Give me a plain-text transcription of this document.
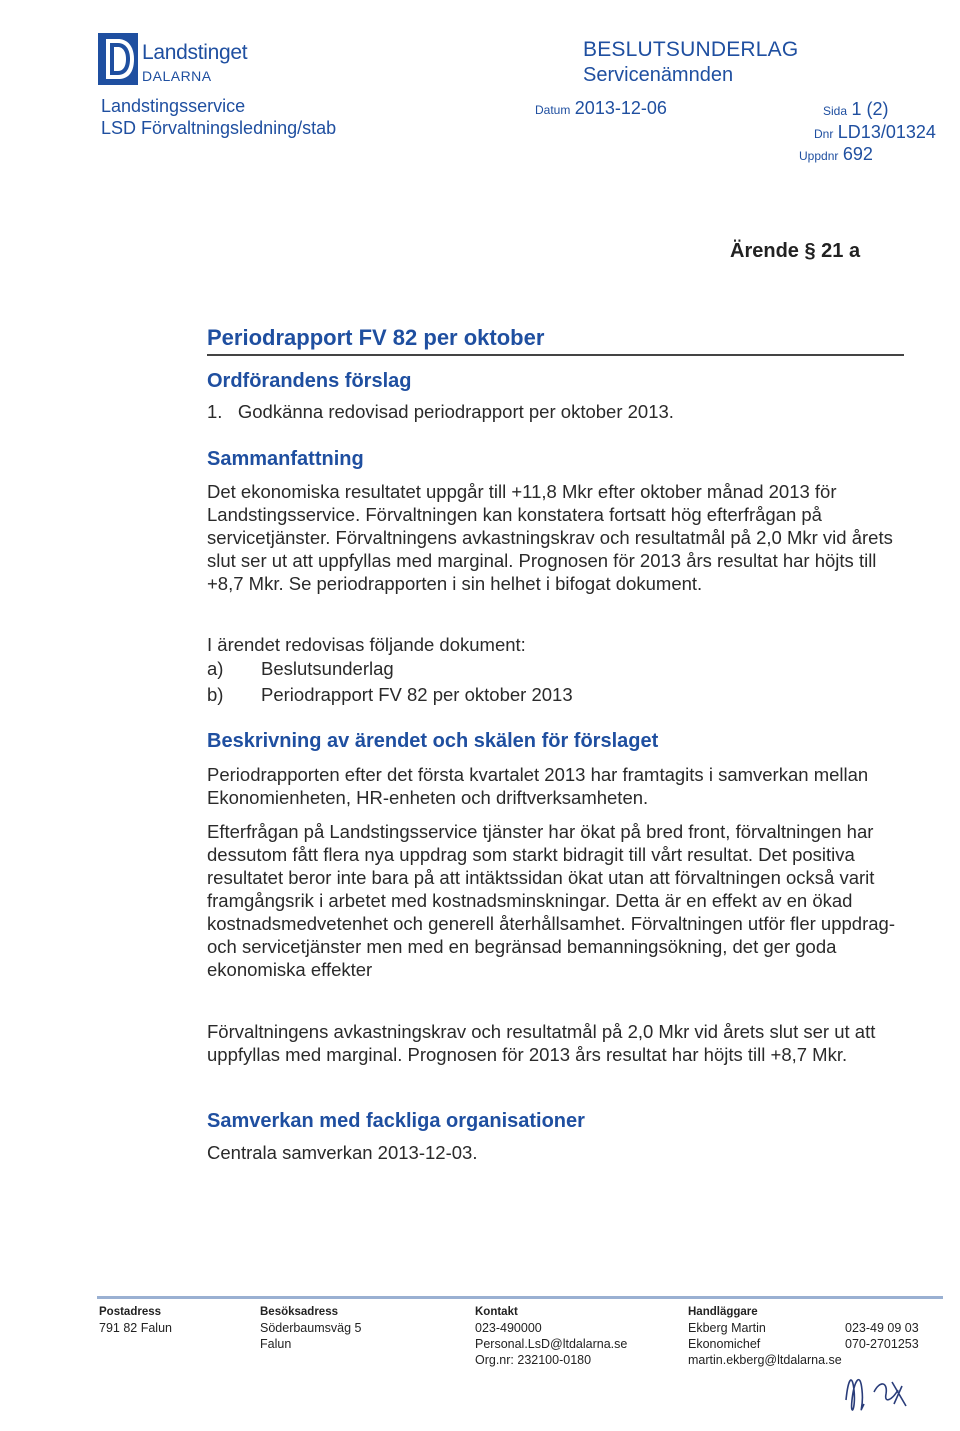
Landstinget
DALARNA
Landstingsservice
LSD Förvaltningsledning/stab
BESLUTSUNDERLAG
Servicenämnden
Datum 2013-12-06	Sida 1 (2)
Dnr LD13/01324
Uppdnr 692
Ärende § 21 a
Periodrapport FV 82 per oktober
Ordförandens förslag
1.   Godkänna redovisad periodrapport per oktober 2013.
Sammanfattning
Det ekonomiska resultatet uppgår till +11,8 Mkr efter oktober månad 2013 för Landstingsservice. Förvaltningen kan konstatera fortsatt hög efterfrågan på servicetjänster. Förvaltningens avkastningskrav och resultatmål på 2,0 Mkr vid årets slut ser ut att uppfyllas med marginal. Prognosen för 2013 års resultat har höjts till +8,7 Mkr. Se periodrapporten i sin helhet i bifogat dokument.
I ärendet redovisas följande dokument:
a) Beslutsunderlag
b) Periodrapport FV 82 per oktober 2013
Beskrivning av ärendet och skälen för förslaget
Periodrapporten efter det första kvartalet 2013 har framtagits i samverkan mellan Ekonomienheten, HR-enheten och driftverksamheten.
Efterfrågan på Landstingsservice tjänster har ökat på bred front, förvaltningen har dessutom fått flera nya uppdrag som starkt bidragit till vårt resultat. Det positiva resultatet beror inte bara på att intäktssidan ökat utan att förvaltningen också varit framgångsrik i arbetet med kostnadsminskningar. Detta är en effekt av en ökad kostnadsmedvetenhet och generell återhållsamhet. Förvaltningen utför fler uppdrag- och servicetjänster men med en begränsad bemanningsökning, det ger goda ekonomiska effekter
Förvaltningens avkastningskrav och resultatmål på 2,0 Mkr vid årets slut ser ut att uppfyllas med marginal. Prognosen för 2013 års resultat har höjts till +8,7 Mkr.
Samverkan med fackliga organisationer
Centrala samverkan 2013-12-03.
Postadress
791 82 Falun
Besöksadress
Söderbaumsväg 5
Falun
Kontakt
023-490000
Personal.LsD@ltdalarna.se
Org.nr: 232100-0180
Handläggare
Ekberg Martin
Ekonomichef
martin.ekberg@ltdalarna.se
023-49 09 03
070-2701253
